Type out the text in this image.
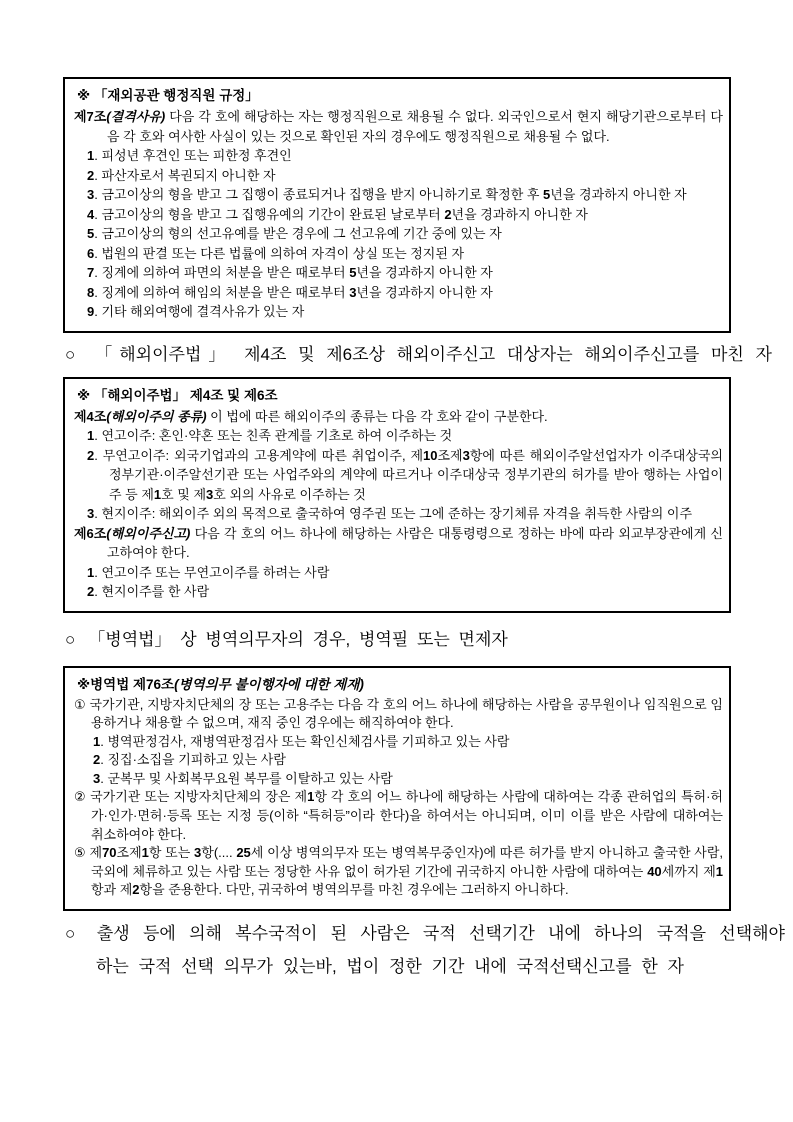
※ 「재외공관 행정직원 규정」
제7조(결격사유) 다음 각 호에 해당하는 자는 행정직원으로 채용될 수 없다. 외국인으로서 현지 해당기관으로부터 다음 각 호와 여사한 사실이 있는 것으로 확인된 자의 경우에도 행정직원으로 채용될 수 없다.
1. 피성년 후견인 또는 피한정 후견인
2. 파산자로서 복권되지 아니한 자
3. 금고이상의 형을 받고 그 집행이 종료되거나 집행을 받지 아니하기로 확정한 후 5년을 경과하지 아니한 자
4. 금고이상의 형을 받고 그 집행유예의 기간이 완료된 날로부터 2년을 경과하지 아니한 자
5. 금고이상의 형의 선고유예를 받은 경우에 그 선고유예 기간 중에 있는 자
6. 법원의 판결 또는 다른 법률에 의하여 자격이 상실 또는 정지된 자
7. 징계에 의하여 파면의 처분을 받은 때로부터 5년을 경과하지 아니한 자
8. 징계에 의하여 해임의 처분을 받은 때로부터 3년을 경과하지 아니한 자
9. 기타 해외여행에 결격사유가 있는 자
○ 「해외이주법」 제4조 및 제6조상 해외이주신고 대상자는 해외이주신고를 마친 자
※ 「해외이주법」 제4조 및 제6조
제4조(해외이주의 종류) 이 법에 따른 해외이주의 종류는 다음 각 호와 같이 구분한다.
1. 연고이주: 혼인·약혼 또는 친족 관계를 기초로 하여 이주하는 것
2. 무연고이주: 외국기업과의 고용계약에 따른 취업이주, 제10조제3항에 따른 해외이주알선업자가 이주대상국의 정부기관·이주알선기관 또는 사업주와의 계약에 따르거나 이주대상국 정부기관의 허가를 받아 행하는 사업이주 등 제1호 및 제3호 외의 사유로 이주하는 것
3. 현지이주: 해외이주 외의 목적으로 출국하여 영주권 또는 그에 준하는 장기체류 자격을 취득한 사람의 이주
제6조(해외이주신고) 다음 각 호의 어느 하나에 해당하는 사람은 대통령령으로 정하는 바에 따라 외교부장관에게 신고하여야 한다.
1. 연고이주 또는 무연고이주를 하려는 사람
2. 현지이주를 한 사람
○ 「병역법」 상 병역의무자의 경우, 병역필 또는 면제자
※병역법 제76조(병역의무 불이행자에 대한 제재)
① 국가기관, 지방자치단체의 장 또는 고용주는 다음 각 호의 어느 하나에 해당하는 사람을 공무원이나 임직원으로 임용하거나 채용할 수 없으며, 재직 중인 경우에는 해직하여야 한다.
1. 병역판정검사, 재병역판정검사 또는 확인신체검사를 기피하고 있는 사람
2. 징집·소집을 기피하고 있는 사람
3. 군복무 및 사회복무요원 복무를 이탈하고 있는 사람
② 국가기관 또는 지방자치단체의 장은 제1항 각 호의 어느 하나에 해당하는 사람에 대하여는 각종 관허업의 특허·허가·인가·면허·등록 또는 지정 등(이하 “특허등”이라 한다)을 하여서는 아니되며, 이미 이를 받은 사람에 대하여는 취소하여야 한다.
⑤ 제70조제1항 또는 3항(.... 25세 이상 병역의무자 또는 병역복무중인자)에 따른 허가를 받지 아니하고 출국한 사람, 국외에 체류하고 있는 사람 또는 정당한 사유 없이 허가된 기간에 귀국하지 아니한 사람에 대하여는 40세까지 제1항과 제2항을 준용한다. 다만, 귀국하여 병역의무를 마친 경우에는 그러하지 아니하다.
○ 출생 등에 의해 복수국적이 된 사람은 국적 선택기간 내에 하나의 국적을 선택해야
하는 국적 선택 의무가 있는바, 법이 정한 기간 내에 국적선택신고를 한 자
